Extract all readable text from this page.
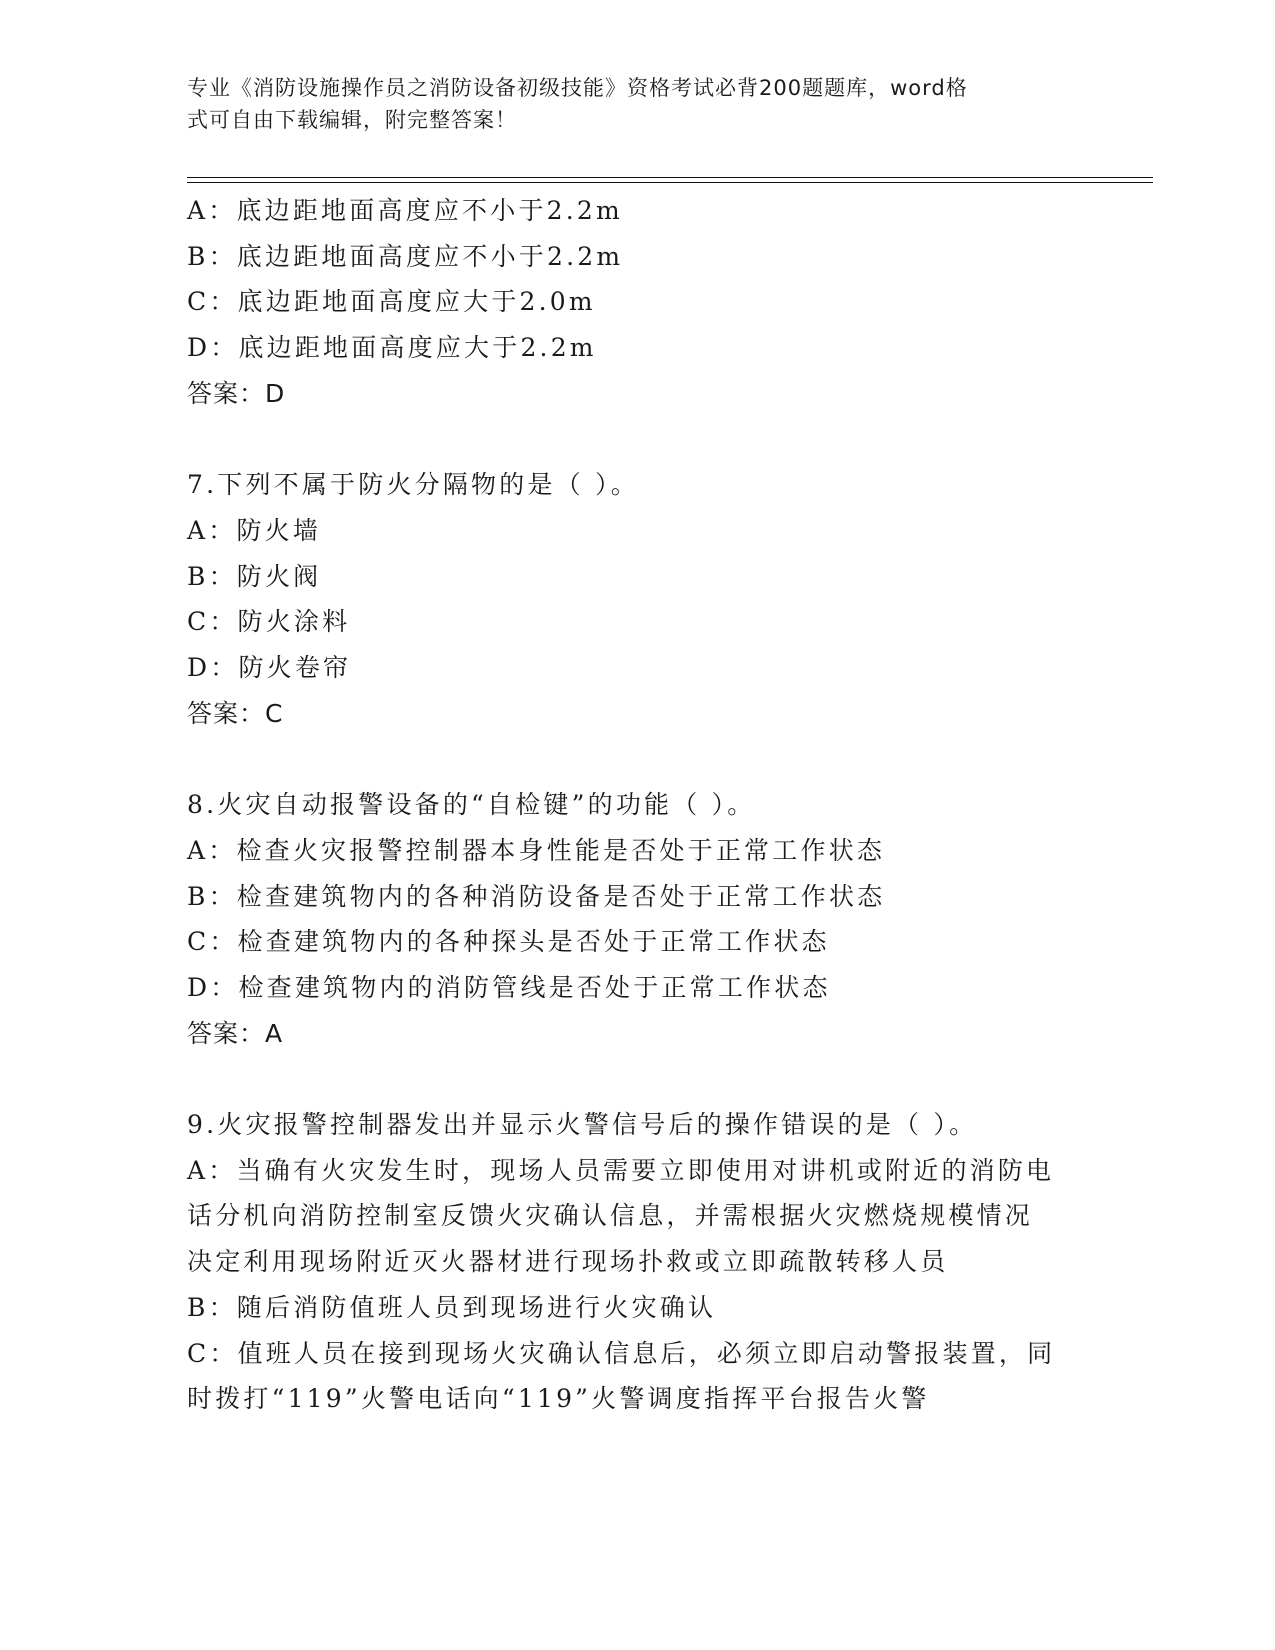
专业《消防设施操作员之消防设备初级技能》资格考试必背200题题库，word格
式可自由下载编辑，附完整答案！

A：底边距地面高度应不小于2.2m

B：底边距地面高度应不小于2.2m

C：底边距地面高度应大于2.0m

D：底边距地面高度应大于2.2m

答案：D

7.下列不属于防火分隔物的是（ ）。

A：防火墙

B：防火阀

C：防火涂料

D：防火卷帘

答案：C

8.火灾自动报警设备的“自检键”的功能（ ）。

A：检查火灾报警控制器本身性能是否处于正常工作状态

B：检查建筑物内的各种消防设备是否处于正常工作状态

C：检查建筑物内的各种探头是否处于正常工作状态

D：检查建筑物内的消防管线是否处于正常工作状态

答案：A

9.火灾报警控制器发出并显示火警信号后的操作错误的是（ ）。

A：当确有火灾发生时，现场人员需要立即使用对讲机或附近的消防电

话分机向消防控制室反馈火灾确认信息，并需根据火灾燃烧规模情况

决定利用现场附近灭火器材进行现场扑救或立即疏散转移人员

B：随后消防值班人员到现场进行火灾确认

C：值班人员在接到现场火灾确认信息后，必须立即启动警报装置，同

时拨打“119”火警电话向“119”火警调度指挥平台报告火警
